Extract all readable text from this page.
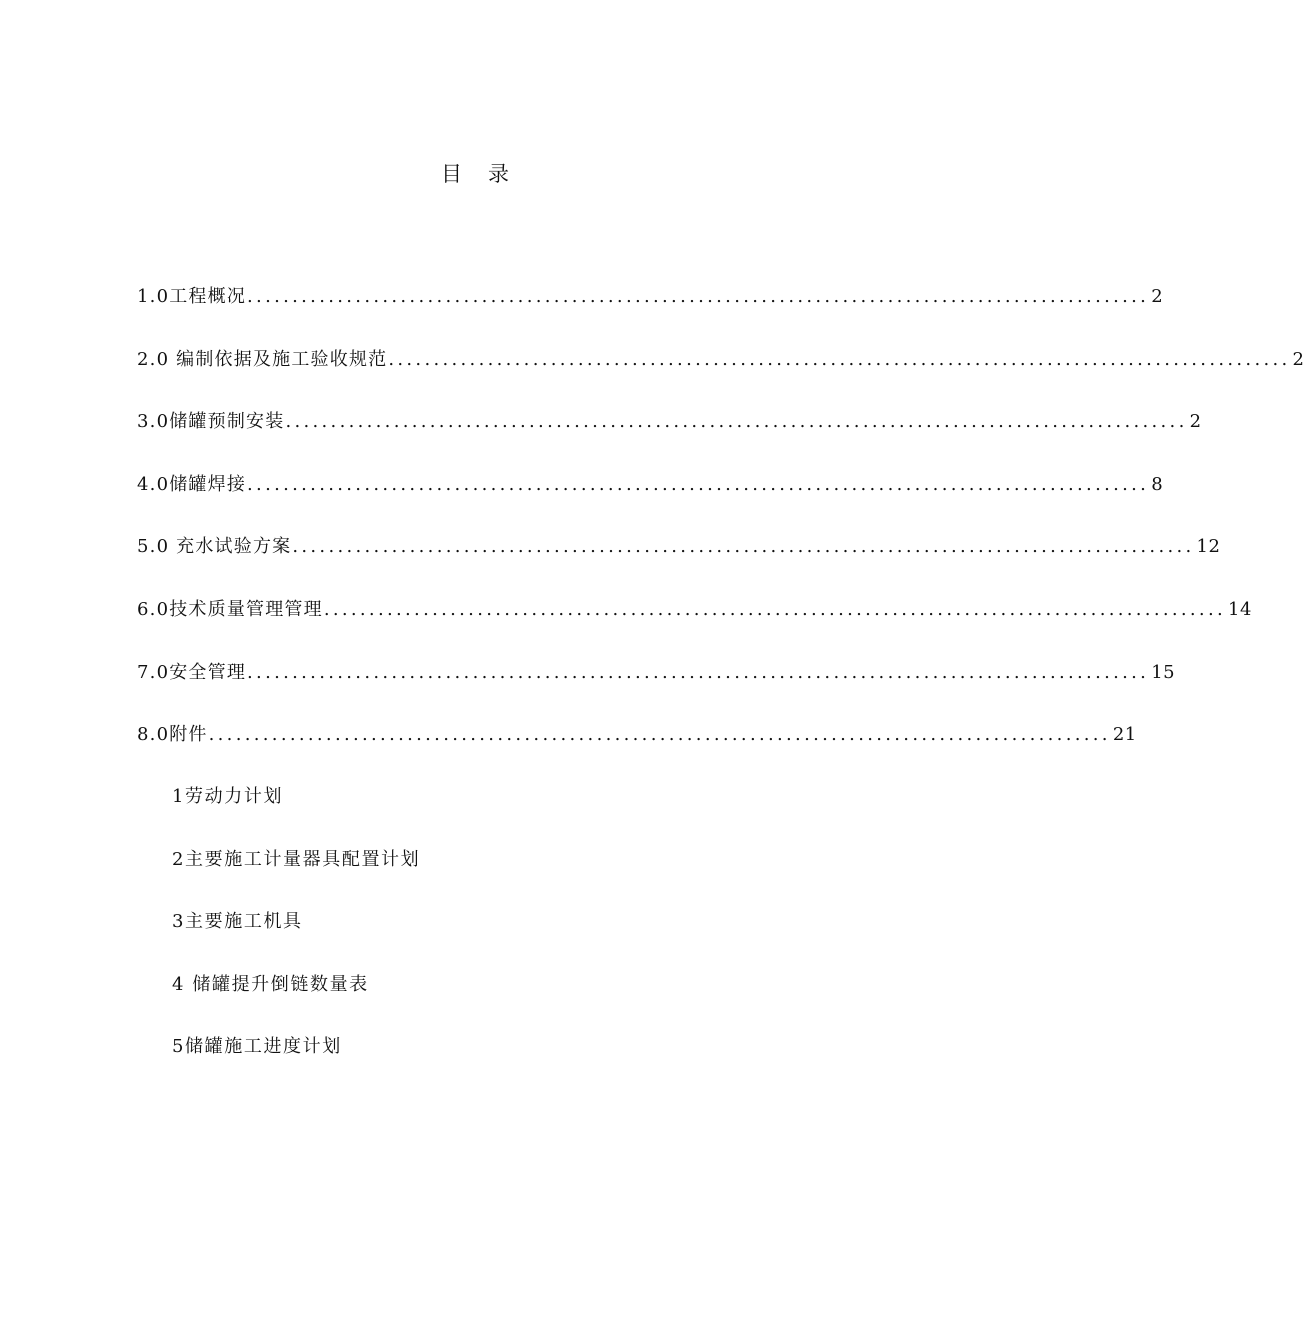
目 录
1.0工程概况 .................................................................................................... 2
2.0 编制依据及施工验收规范 .................................................................................................... 2
3.0储罐预制安装 .................................................................................................... 2
4.0储罐焊接 .................................................................................................... 8
5.0 充水试验方案 .................................................................................................... 12
6.0技术质量管理管理 .................................................................................................... 14
7.0安全管理 .................................................................................................... 15
8.0附件 .................................................................................................... 21
1劳动力计划
2主要施工计量器具配置计划
3主要施工机具
4 储罐提升倒链数量表
5储罐施工进度计划
